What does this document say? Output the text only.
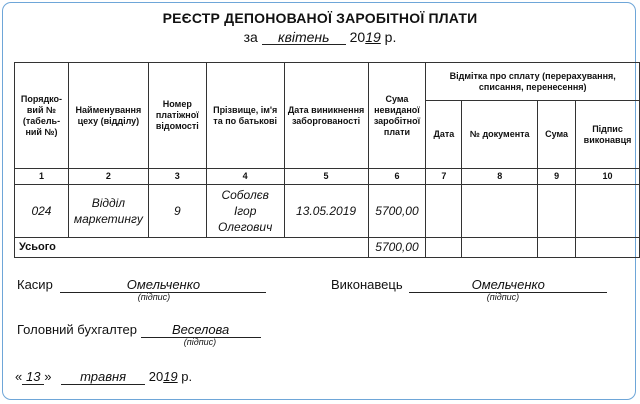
РЕЄСТР ДЕПОНОВАНОЇ ЗАРОБІТНОЇ ПЛАТИ
за квітень 2019 р.
Порядко-вий № (табель-ний №)	Найменування цеху (відділу)	Номер платіжної відомості	Прізвище, ім'я та по батькові	Дата виникнення заборгованості	Сума невиданої заробітної плати	Відмітка про сплату (перерахування, списання, перенесення)			
						Дата	№ документа	Сума	Підпис виконавця
1	2	3	4	5	6	7	8	9	10
024	Відділ маркетингу	9	Соболєв Ігор Олегович	13.05.2019	5700,00				
Усього					5700,00				
Касир	Омельченко
(підпис)
Виконавець	Омельченко
(підпис)
Головний бухгалтер	Веселова
(підпис)
« 13 » травня 2019 р.
